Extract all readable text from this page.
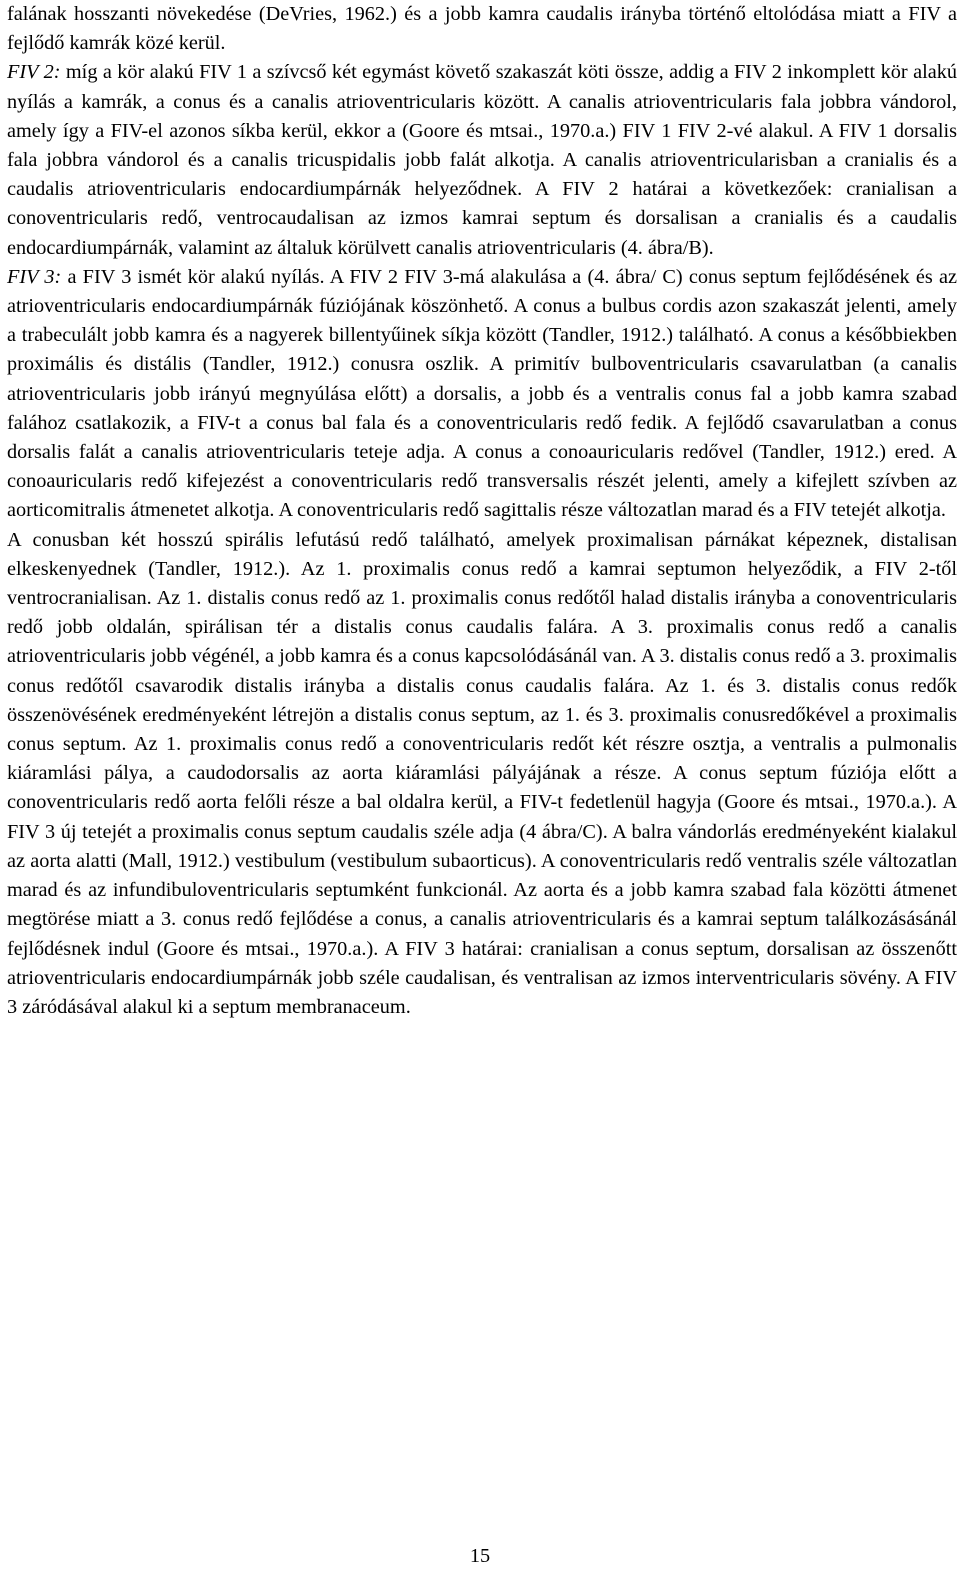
falának hosszanti növekedése (DeVries, 1962.) és a jobb kamra caudalis irányba történő eltolódása miatt a FIV a fejlődő kamrák közé kerül.

FIV 2: míg a kör alakú FIV 1 a szívcső két egymást követő szakaszát köti össze, addig a FIV 2 inkomplett kör alakú nyílás a kamrák, a conus és a canalis atrioventricularis között. A canalis atrioventricularis fala jobbra vándorol, amely így a FIV-el azonos síkba kerül, ekkor a (Goore és mtsai., 1970.a.) FIV 1 FIV 2-vé alakul. A FIV 1 dorsalis fala jobbra vándorol és a canalis tricuspidalis jobb falát alkotja. A canalis atrioventricularisban a cranialis és a caudalis atrioventricularis endocardiumpárnák helyeződnek. A FIV 2 határai a következőek: cranialisan a conoventricularis redő, ventrocaudalisan az izmos kamrai septum és dorsalisan a cranialis és a caudalis endocardiumpárnák, valamint az általuk körülvett canalis atrioventricularis (4. ábra/B).

FIV 3: a FIV 3 ismét kör alakú nyílás. A FIV 2 FIV 3-má alakulása a (4. ábra/ C) conus septum fejlődésének és az atrioventricularis endocardiumpárnák fúziójának köszönhető. A conus a bulbus cordis azon szakaszát jelenti, amely a trabeculált jobb kamra és a nagyerek billentyűinek síkja között (Tandler, 1912.) található. A conus a későbbiekben proximális és distális (Tandler, 1912.) conusra oszlik. A primitív bulboventricularis csavarulatban (a canalis atrioventricularis jobb irányú megnyúlása előtt) a dorsalis, a jobb és a ventralis conus fal a jobb kamra szabad falához csatlakozik, a FIV-t a conus bal fala és a conoventricularis redő fedik. A fejlődő csavarulatban a conus dorsalis falát a canalis atrioventricularis teteje adja. A conus a conoauricularis redővel (Tandler, 1912.) ered. A conoauricularis redő kifejezést a conoventricularis redő transversalis részét jelenti, amely a kifejlett szívben az aorticomitralis átmenetet alkotja. A conoventricularis redő sagittalis része változatlan marad és a FIV tetejét alkotja.

A conusban két hosszú spirális lefutású redő található, amelyek proximalisan párnákat képeznek, distalisan elkeskenyednek (Tandler, 1912.). Az 1. proximalis conus redő a kamrai septumon helyeződik, a FIV 2-től ventrocranialisan. Az 1. distalis conus redő az 1. proximalis conus redőtől halad distalis irányba a conoventricularis redő jobb oldalán, spirálisan tér a distalis conus caudalis falára. A 3. proximalis conus redő a canalis atrioventricularis jobb végénél, a jobb kamra és a conus kapcsolódásánál van. A 3. distalis conus redő a 3. proximalis conus redőtől csavarodik distalis irányba a distalis conus caudalis falára. Az 1. és 3. distalis conus redők összenövésének eredményeként létrejön a distalis conus septum, az 1. és 3. proximalis conusredőkével a proximalis conus septum. Az 1. proximalis conus redő a conoventricularis redőt két részre osztja, a ventralis a pulmonalis kiáramlási pálya, a caudodorsalis az aorta kiáramlási pályájának a része. A conus septum fúziója előtt a conoventricularis redő aorta felőli része a bal oldalra kerül, a FIV-t fedetlenül hagyja (Goore és mtsai., 1970.a.). A FIV 3 új tetejét a proximalis conus septum caudalis széle adja (4 ábra/C). A balra vándorlás eredményeként kialakul az aorta alatti (Mall, 1912.) vestibulum (vestibulum subaorticus). A conoventricularis redő ventralis széle változatlan marad és az infundibuloventricularis septumként funkcionál. Az aorta és a jobb kamra szabad fala közötti átmenet megtörése miatt a 3. conus redő fejlődése a conus, a canalis atrioventricularis és a kamrai septum találkozásásánál fejlődésnek indul (Goore és mtsai., 1970.a.). A FIV 3 határai: cranialisan a conus septum, dorsalisan az összenőtt atrioventricularis endocardiumpárnák jobb széle caudalisan, és ventralisan az izmos interventricularis sövény. A FIV 3 záródásával alakul ki a septum membranaceum.

15
